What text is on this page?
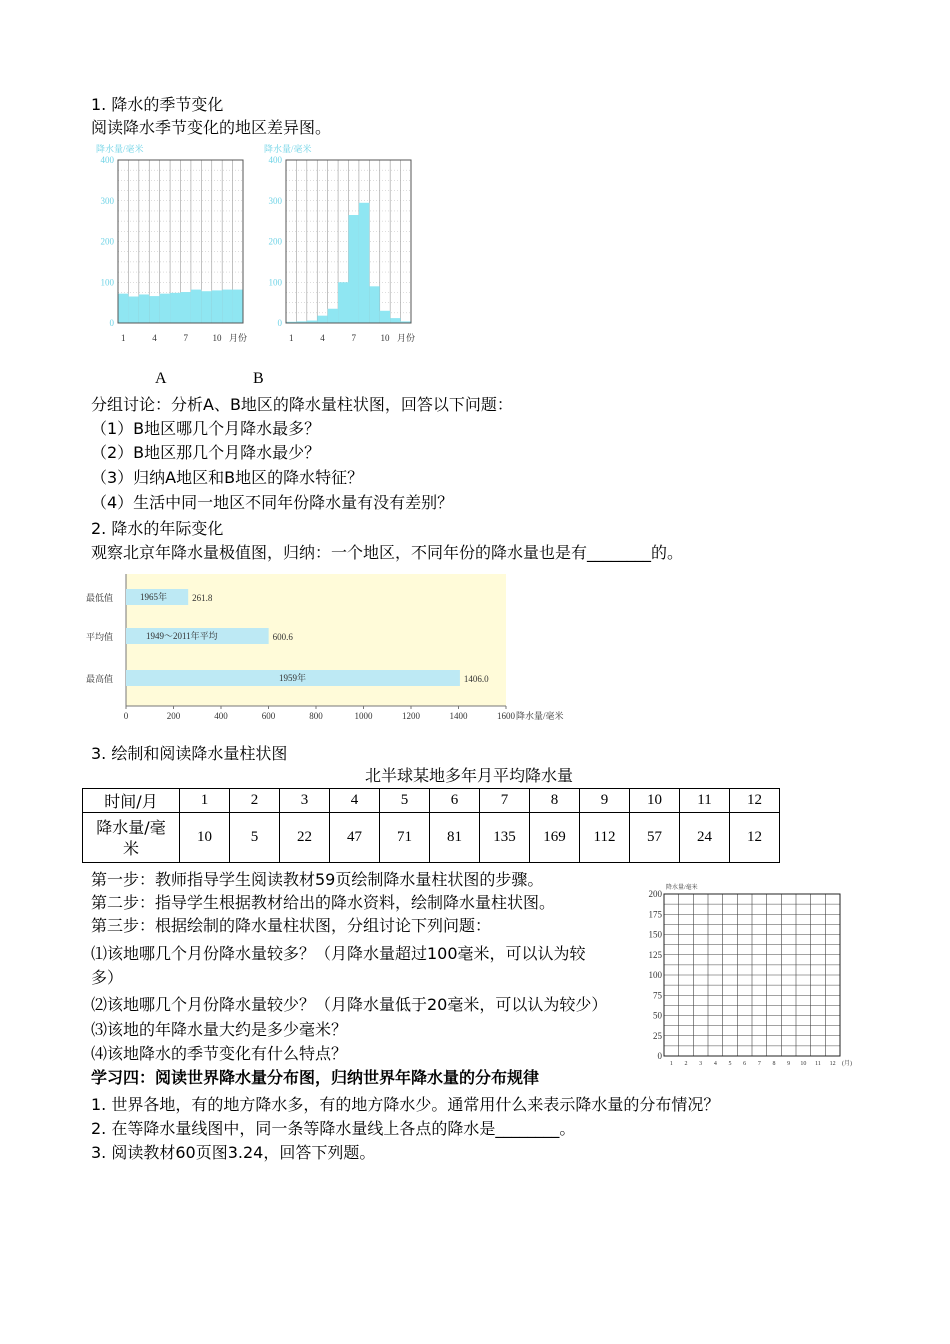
1. 降水的季节变化
阅读降水季节变化的地区差异图。
降水量/毫米
0
100
200
300
400
1	4	7	10 月份
降水量/毫米
0
100
200
300
400
1	4	7	10 月份
A	B
分组讨论：分析A、B地区的降水量柱状图，回答以下问题：
（1）B地区哪几个月降水最多？
（2）B地区那几个月降水最少？
（3）归纳A地区和B地区的降水特征？
（4）生活中同一地区不同年份降水量有没有差别？
2. 降水的年际变化
观察北京年降水量极值图，归纳：一个地区，不同年份的降水量也是有________的。
最低值	1965年	261.8
平均值	1949～2011年平均	600.6
最高值	1959年	1406.0
0	200	400	600	800	1000	1200	1400	1600 降水量/毫米
3. 绘制和阅读降水量柱状图
北半球某地多年月平均降水量
时间/月	1	2	3	4	5	6	7	8	9	10	11	12
降水量/毫
米	10	5	22	47	71	81	135	169	112	57	24	12
第一步：教师指导学生阅读教材59页绘制降水量柱状图的步骤。
第二步：指导学生根据教材给出的降水资料，绘制降水量柱状图。
第三步：根据绘制的降水量柱状图，分组讨论下列问题：
⑴该地哪几个月份降水量较多？（月降水量超过100毫米，可以认为较
多）
⑵该地哪几个月份降水量较少？（月降水量低于20毫米，可以认为较少）
⑶该地的年降水量大约是多少毫米？
⑷该地降水的季节变化有什么特点？
降水量/毫米
0
25
50
75
100
125
150
175
200
1 2 3 4 5 6 7 8 9 10 11 12 (月)
学习四：阅读世界降水量分布图，归纳世界年降水量的分布规律
1. 世界各地，有的地方降水多，有的地方降水少。通常用什么来表示降水量的分布情况？
2. 在等降水量线图中，同一条等降水量线上各点的降水是________。
3. 阅读教材60页图3.24，回答下列题。
